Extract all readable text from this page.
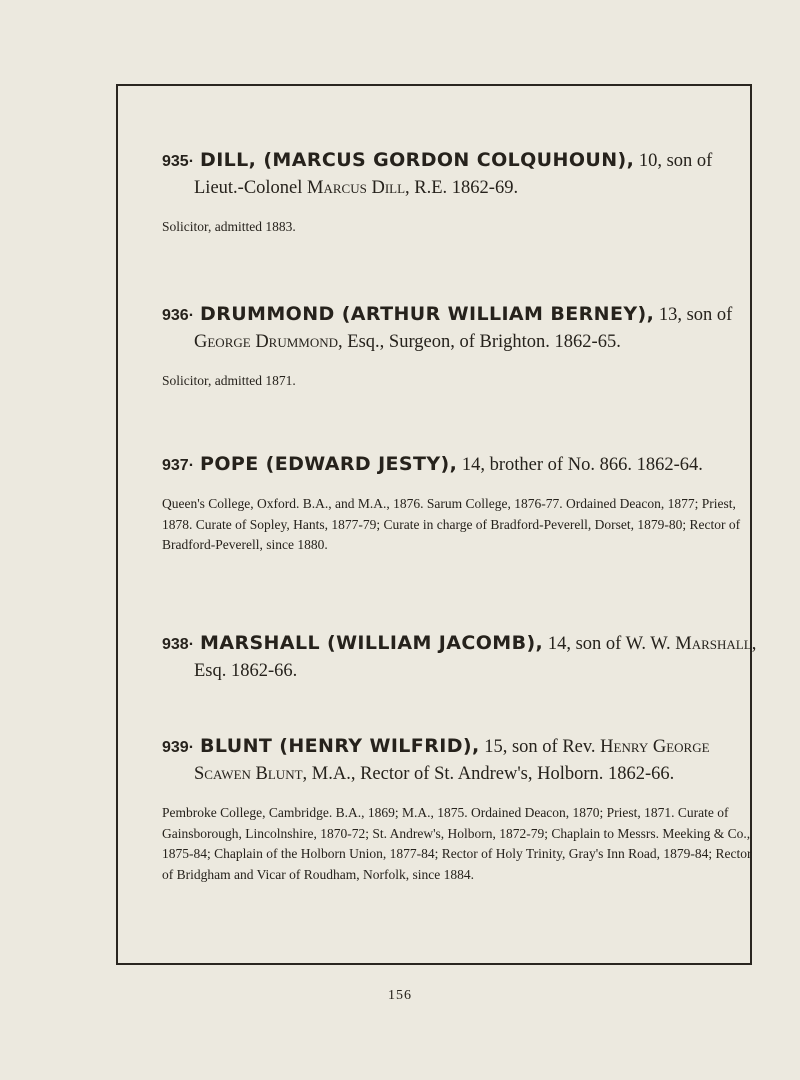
935· DILL, (MARCUS GORDON COLQUHOUN), 10, son of Lieut.-Colonel Marcus Dill, R.E. 1862-69.
Solicitor, admitted 1883.
936· DRUMMOND (ARTHUR WILLIAM BERNEY), 13, son of George Drummond, Esq., Surgeon, of Brighton. 1862-65.
Solicitor, admitted 1871.
937· POPE (EDWARD JESTY), 14, brother of No. 866. 1862-64.
Queen's College, Oxford. B.A., and M.A., 1876. Sarum College, 1876-77. Ordained Deacon, 1877; Priest, 1878. Curate of Sopley, Hants, 1877-79; Curate in charge of Bradford-Peverell, Dorset, 1879-80; Rector of Bradford-Peverell, since 1880.
938· MARSHALL (WILLIAM JACOMB), 14, son of W. W. Marshall, Esq. 1862-66.
939· BLUNT (HENRY WILFRID), 15, son of Rev. Henry George Scawen Blunt, M.A., Rector of St. Andrew's, Holborn. 1862-66.
Pembroke College, Cambridge. B.A., 1869; M.A., 1875. Ordained Deacon, 1870; Priest, 1871. Curate of Gainsborough, Lincolnshire, 1870-72; St. Andrew's, Holborn, 1872-79; Chaplain to Messrs. Meeking & Co., 1875-84; Chaplain of the Holborn Union, 1877-84; Rector of Holy Trinity, Gray's Inn Road, 1879-84; Rector of Bridgham and Vicar of Roudham, Norfolk, since 1884.
156
